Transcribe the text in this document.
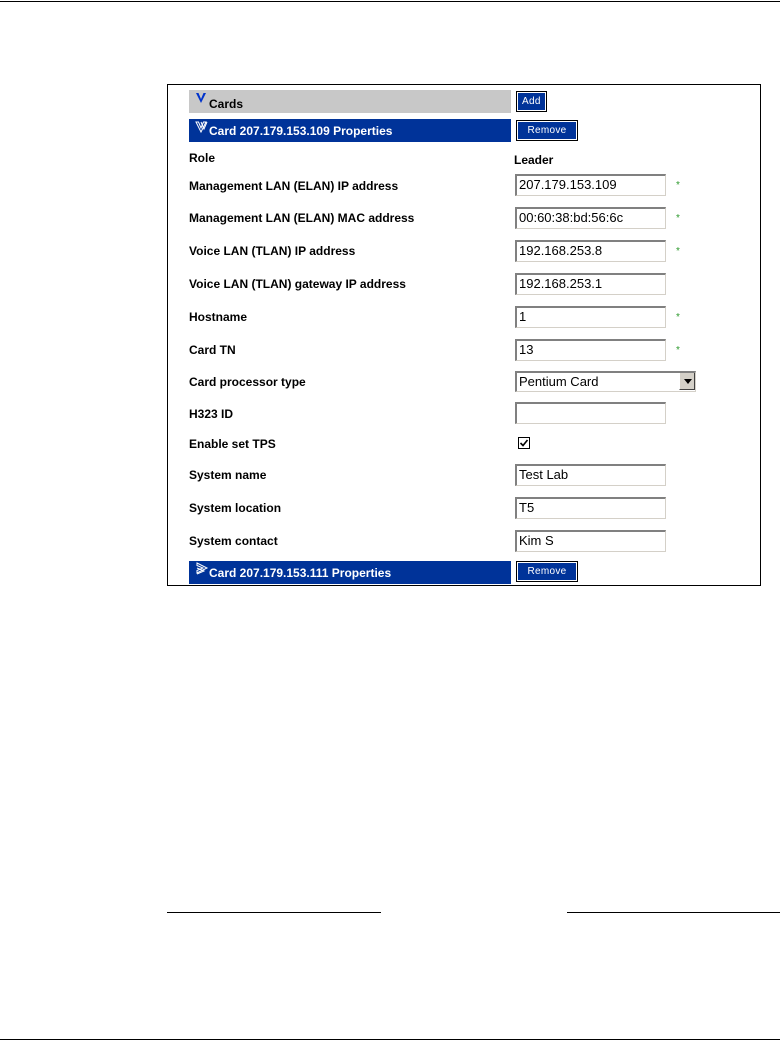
Cards	Add
Card 207.179.153.109 Properties	Remove
Role	Leader
Management LAN (ELAN) IP address	207.179.153.109	*
Management LAN (ELAN) MAC address	00:60:38:bd:56:6c	*
Voice LAN (TLAN) IP address	192.168.253.8	*
Voice LAN (TLAN) gateway IP address	192.168.253.1
Hostname	1	*
Card TN	13	*
Card processor type	Pentium Card
H323 ID
Enable set TPS
System name	Test Lab
System location	T5
System contact	Kim S
Card 207.179.153.111 Properties	Remove
